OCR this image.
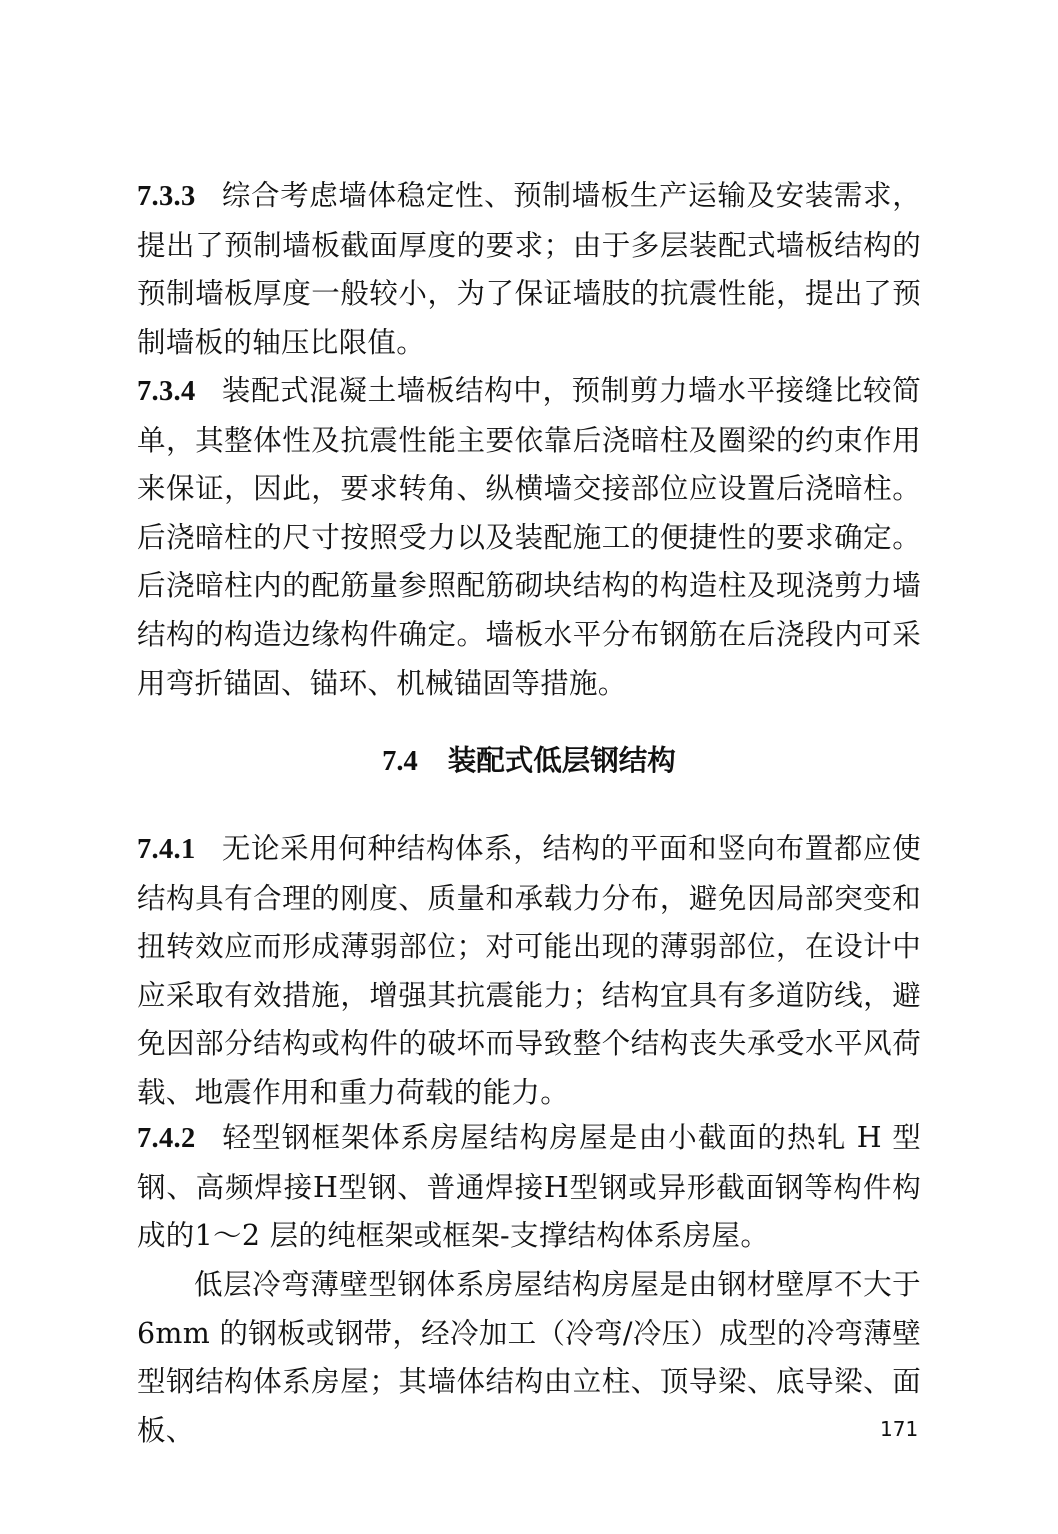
7.3.3 综合考虑墙体稳定性、预制墙板生产运输及安装需求，提出了预制墙板截面厚度的要求；由于多层装配式墙板结构的预制墙板厚度一般较小，为了保证墙肢的抗震性能，提出了预制墙板的轴压比限值。

7.3.4 装配式混凝土墙板结构中，预制剪力墙水平接缝比较简单，其整体性及抗震性能主要依靠后浇暗柱及圈梁的约束作用来保证，因此，要求转角、纵横墙交接部位应设置后浇暗柱。后浇暗柱的尺寸按照受力以及装配施工的便捷性的要求确定。后浇暗柱内的配筋量参照配筋砌块结构的构造柱及现浇剪力墙结构的构造边缘构件确定。墙板水平分布钢筋在后浇段内可采用弯折锚固、锚环、机械锚固等措施。

7.4 装配式低层钢结构

7.4.1 无论采用何种结构体系，结构的平面和竖向布置都应使结构具有合理的刚度、质量和承载力分布，避免因局部突变和扭转效应而形成薄弱部位；对可能出现的薄弱部位，在设计中应采取有效措施，增强其抗震能力；结构宜具有多道防线，避免因部分结构或构件的破坏而导致整个结构丧失承受水平风荷载、地震作用和重力荷载的能力。

7.4.2 轻型钢框架体系房屋结构房屋是由小截面的热轧 H 型钢、高频焊接H型钢、普通焊接H型钢或异形截面钢等构件构成的1～2 层的纯框架或框架-支撑结构体系房屋。

低层冷弯薄壁型钢体系房屋结构房屋是由钢材壁厚不大于6mm 的钢板或钢带，经冷加工（冷弯/冷压）成型的冷弯薄壁型钢结构体系房屋；其墙体结构由立柱、顶导梁、底导梁、面板、	171
